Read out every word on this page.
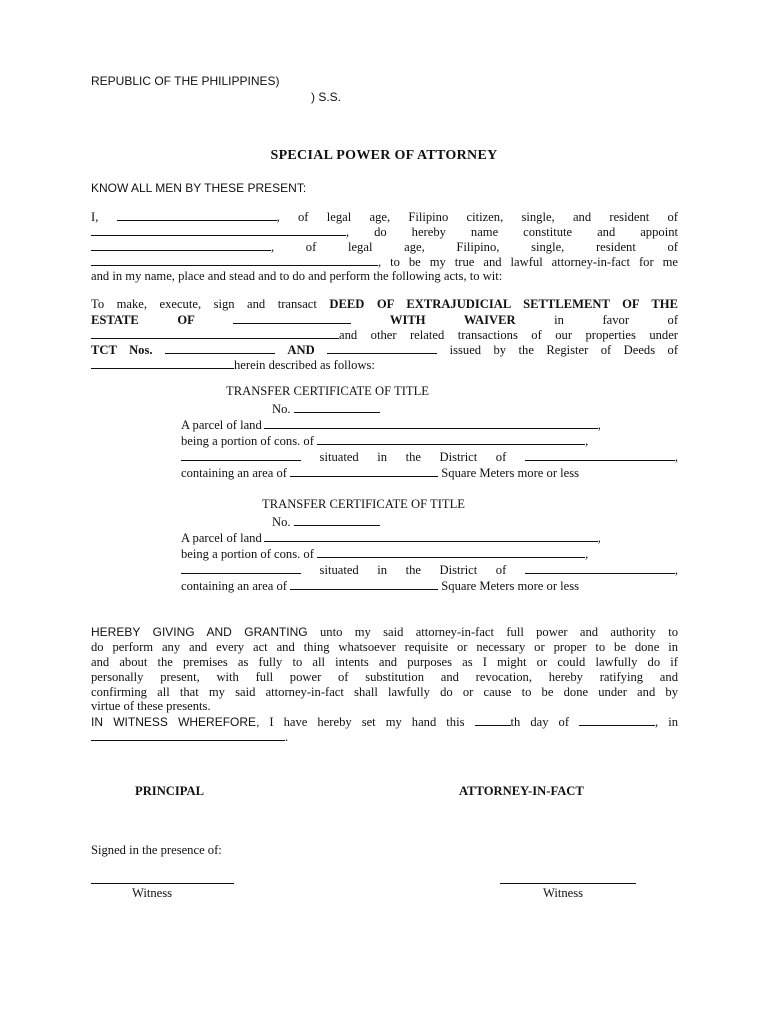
REPUBLIC OF THE PHILIPPINES)
) S.S.
SPECIAL POWER OF ATTORNEY
KNOW ALL MEN BY THESE PRESENT:
I,	, of legal age, Filipino citizen, single, and resident of
, do hereby name constitute and appoint
, of legal age, Filipino, single, resident of
, to be my true and lawful attorney-in-fact for me
and in my name, place and stead and to do and perform the following acts, to wit:
To make, execute, sign and transact DEED OF EXTRAJUDICIAL SETTLEMENT OF THE
ESTATE OF	WITH WAIVER	in favor of
and other related transactions of our properties under
TCT Nos.	AND	issued by the Register of Deeds of
herein described as follows:
TRANSFER CERTIFICATE OF TITLE
No.
A parcel of land	,
being a portion of cons. of	,
situated in the District of	,
containing an area of	Square Meters more or less
TRANSFER CERTIFICATE OF TITLE
No.
A parcel of land	,
being a portion of cons. of	,
situated in the District of	,
containing an area of	Square Meters more or less
HEREBY GIVING AND GRANTING unto my said attorney-in-fact full power and authority to
do perform any and every act and thing whatsoever requisite or necessary or proper to be done in
and about the premises as fully to all intents and purposes as I might or could lawfully do if
personally present, with full power of substitution and revocation, hereby ratifying and
confirming all that my said attorney-in-fact shall lawfully do or cause to be done under and by
virtue of these presents.
IN WITNESS WHEREFORE, I have hereby set my hand this	th day of	, in
.
PRINCIPAL	ATTORNEY-IN-FACT
Signed in the presence of:
Witness	Witness
